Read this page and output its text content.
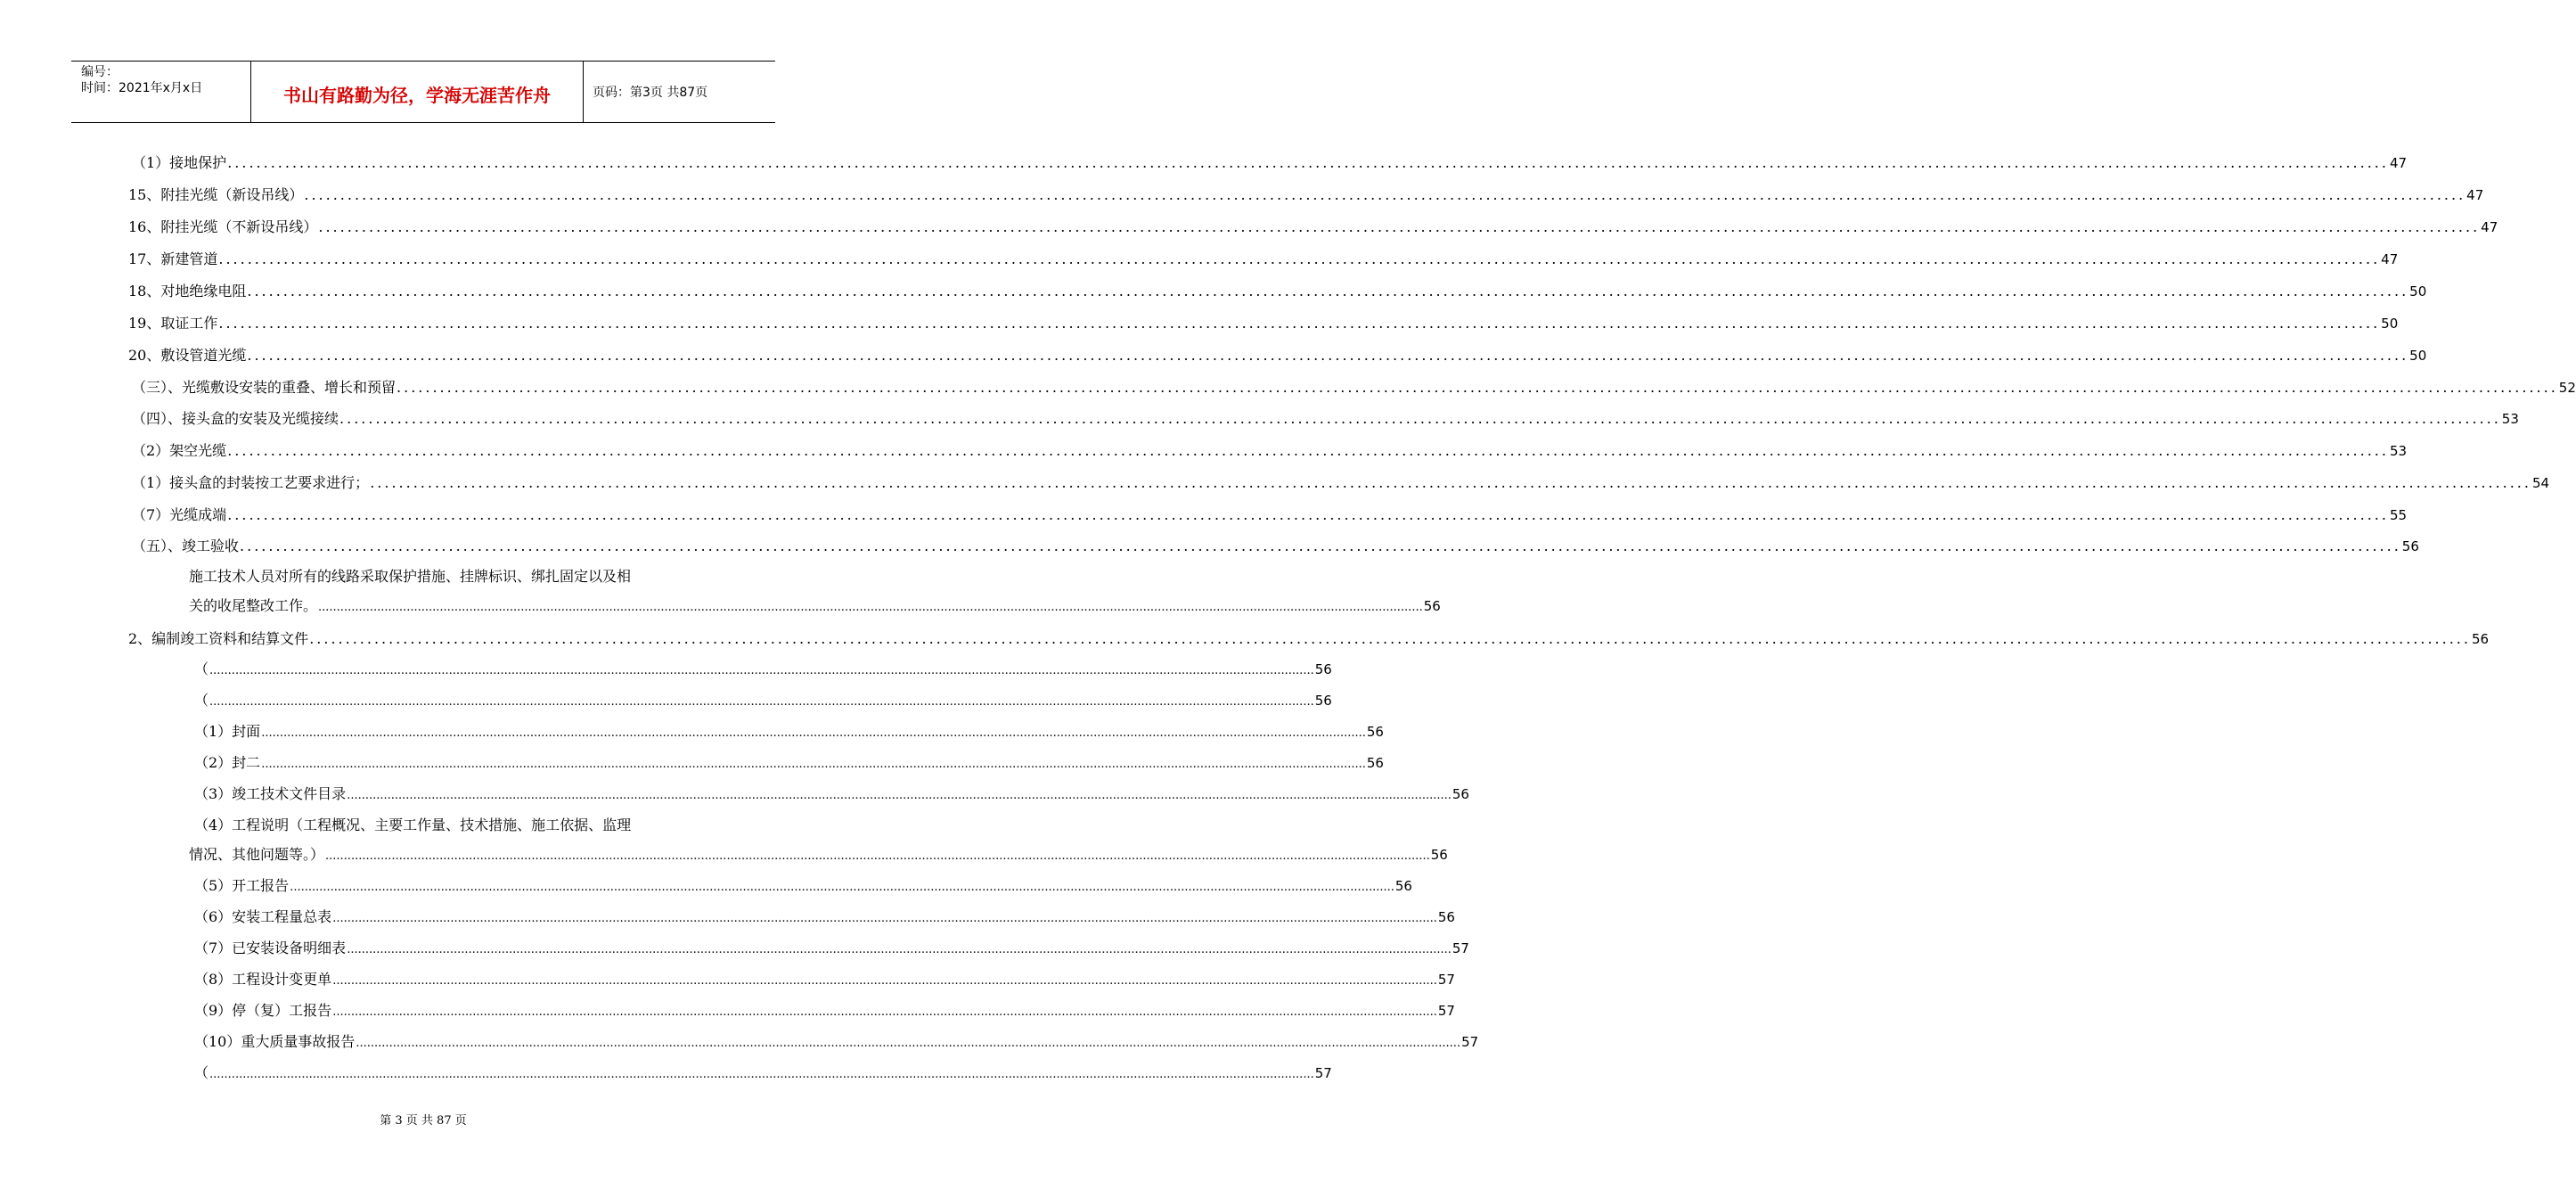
编号：
时间：2021年x月x日	书山有路勤为径，学海无涯苦作舟	页码：第3页 共87页
（1）接地保护 ............................................................................................................................................................................................................................................................................................................ 47
15、附挂光缆（新设吊线） ............................................................................................................................................................................................................................................................................................................ 47
16、附挂光缆（不新设吊线） ............................................................................................................................................................................................................................................................................................................ 47
17、新建管道 ............................................................................................................................................................................................................................................................................................................ 47
18、对地绝缘电阻 ............................................................................................................................................................................................................................................................................................................ 50
19、取证工作 ............................................................................................................................................................................................................................................................................................................ 50
20、敷设管道光缆 ............................................................................................................................................................................................................................................................................................................ 50
（三）、光缆敷设安装的重叠、增长和预留 ............................................................................................................................................................................................................................................................................................................ 52
（四）、接头盒的安装及光缆接续 ............................................................................................................................................................................................................................................................................................................ 53
（2）架空光缆 ............................................................................................................................................................................................................................................................................................................ 53
（1）接头盒的封装按工艺要求进行； ............................................................................................................................................................................................................................................................................................................ 54
（7）光缆成端 ............................................................................................................................................................................................................................................................................................................ 55
（五）、竣工验收 ............................................................................................................................................................................................................................................................................................................ 56
施工技术人员对所有的线路采取保护措施、挂牌标识、绑扎固定以及相
关的收尾整改工作。 ............................................................................................................................................................................................................................................................................................................ 56
2、编制竣工资料和结算文件 ............................................................................................................................................................................................................................................................................................................ 56
（ ............................................................................................................................................................................................................................................................................................................ 56
（ ............................................................................................................................................................................................................................................................................................................ 56
（1）封面 ............................................................................................................................................................................................................................................................................................................ 56
（2）封二 ............................................................................................................................................................................................................................................................................................................ 56
（3）竣工技术文件目录 ............................................................................................................................................................................................................................................................................................................ 56
（4）工程说明（工程概况、主要工作量、技术措施、施工依据、监理
情况、其他问题等。） ............................................................................................................................................................................................................................................................................................................ 56
（5）开工报告 ............................................................................................................................................................................................................................................................................................................ 56
（6）安装工程量总表 ............................................................................................................................................................................................................................................................................................................ 56
（7）已安装设备明细表 ............................................................................................................................................................................................................................................................................................................ 57
（8）工程设计变更单 ............................................................................................................................................................................................................................................................................................................ 57
（9）停（复）工报告 ............................................................................................................................................................................................................................................................................................................ 57
（10）重大质量事故报告 ............................................................................................................................................................................................................................................................................................................ 57
（ ............................................................................................................................................................................................................................................................................................................ 57
第 3 页 共 87 页
